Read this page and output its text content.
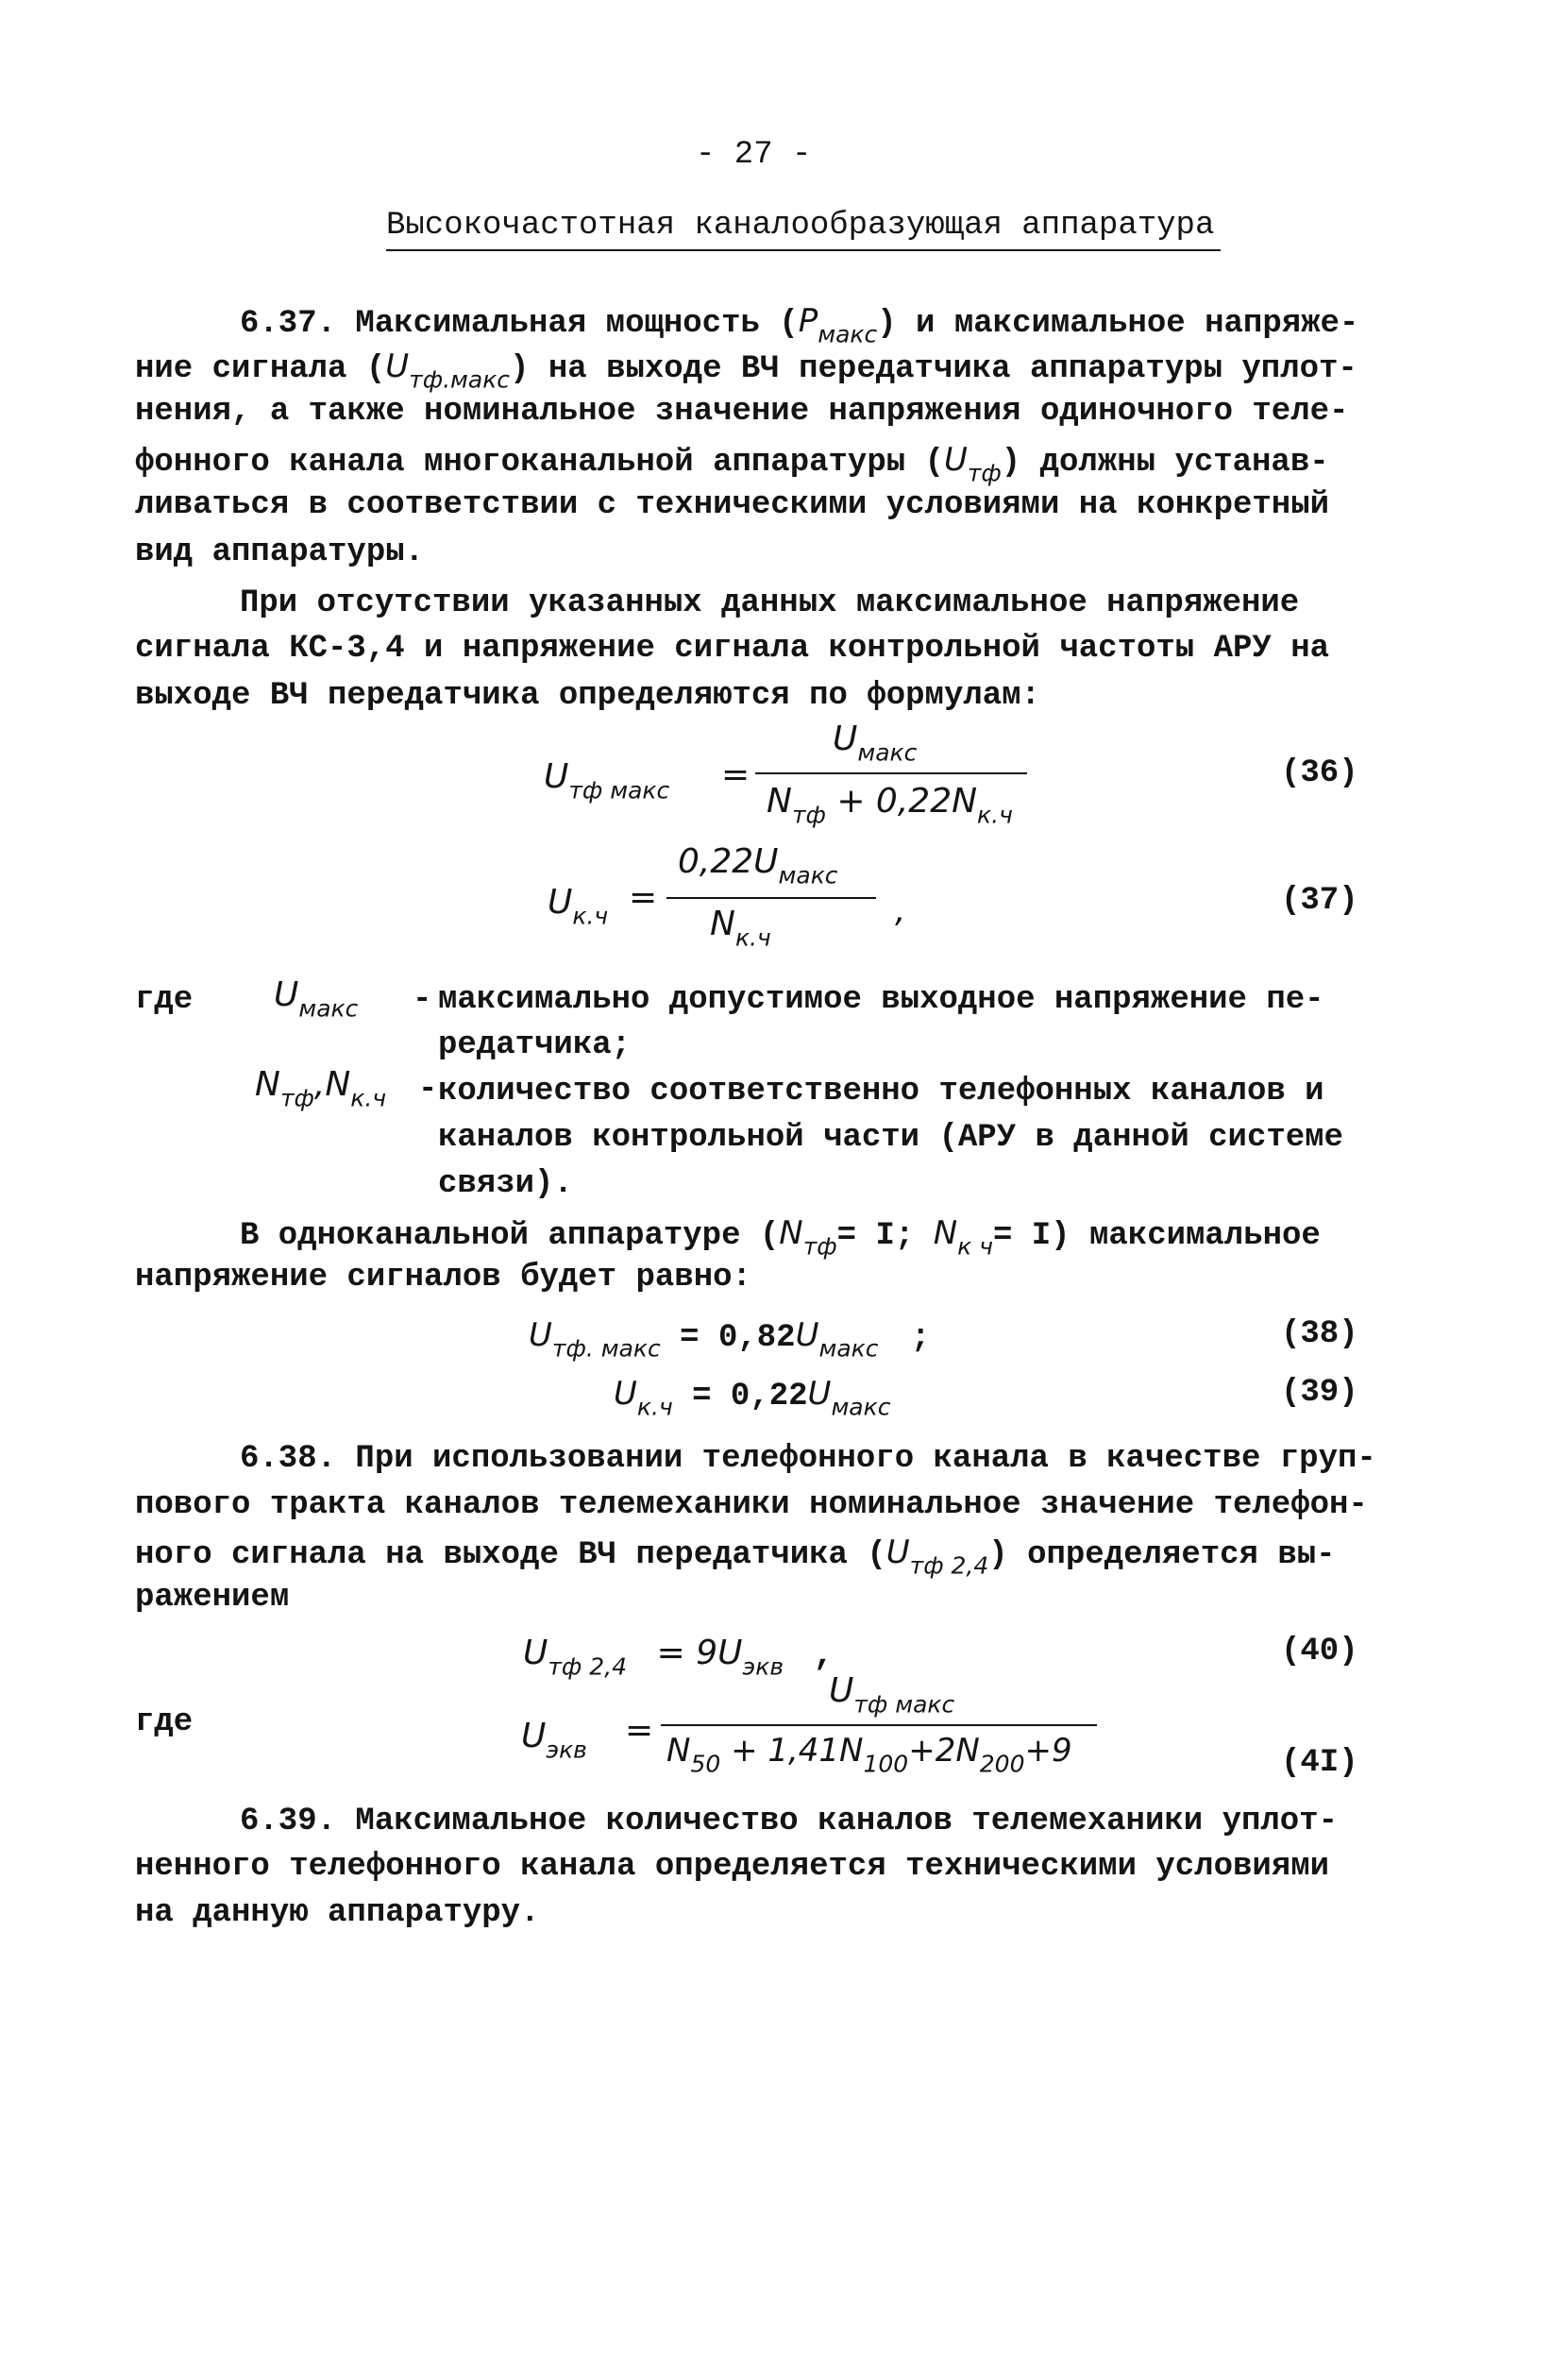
- 27 -
Высокочастотная каналообразующая аппаратура
6.37. Максимальная мощность $(Р_{макс})$ и максимальное напряже-
ние сигнала $(U_{тф.макс})$ на выходе ВЧ передатчика аппаратуры уплот-
нения, а также номинальное значение напряжения одиночного теле-
фонного канала многоканальной аппаратуры $(U_{тф})$ должны устанав-
ливаться в соответствии с техническими условиями на конкретный
вид аппаратуры.
При отсутствии указанных данных максимальное напряжение
сигнала КС-3,4 и напряжение сигнала контрольной частоты АРУ на
выходе ВЧ передатчика определяются по формулам:
$U_{тф макс}$ =
$U_{макс}$
$N_{тф} + 0,22N_{к.ч}$
(36)
$U_{к.ч}$ =
$0,22U_{макс}$
$N_{к.ч}$
,	(37)
где $U_{макс}$ - максимально допустимое выходное напряжение пе-
редатчика;
$N_{тф},N_{к.ч}$ - количество соответственно телефонных каналов и
каналов контрольной части (АРУ в данной системе
связи).
В одноканальной аппаратуре ($N_{тф}= I$; $N_{к ч}= I$) максимальное
напряжение сигналов будет равно:
$U_{тф. макс} = 0,82U_{макс}$ ;	(38)
$U_{к.ч} = 0,22U_{макс}$	(39)
6.38. При использовании телефонного канала в качестве груп-
пового тракта каналов телемеханики номинальное значение телефон-
ного сигнала на выходе ВЧ передатчика $(U_{тф 2,4})$ определяется вы-
ражением
$U_{тф 2,4} = 9U_{экв}$ ,	(40)
где	$U_{экв}$ =
$U_{тф макс}$
$N_{50} + 1,41N_{100}+2N_{200}+9$	(4I)
6.39. Максимальное количество каналов телемеханики уплот-
ненного телефонного канала определяется техническими условиями
на данную аппаратуру.
